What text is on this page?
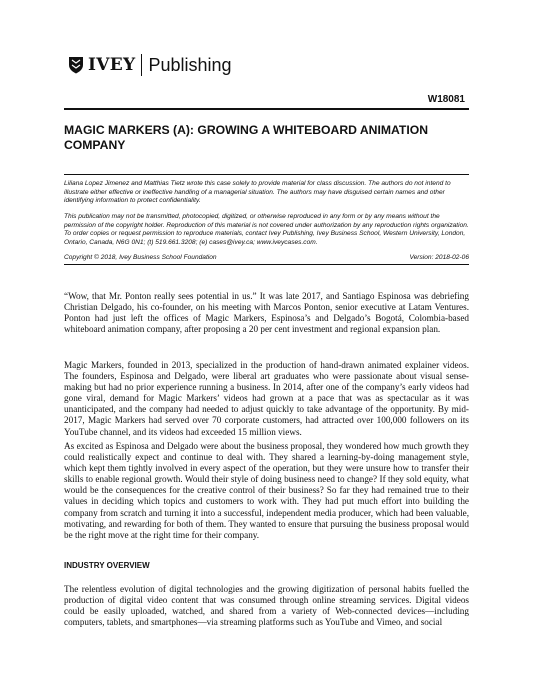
IVEY Publishing
W18081
MAGIC MARKERS (A): GROWING A WHITEBOARD ANIMATION COMPANY
Liliana Lopez Jimenez and Matthias Tietz wrote this case solely to provide material for class discussion. The authors do not intend to illustrate either effective or ineffective handling of a managerial situation. The authors may have disguised certain names and other identifying information to protect confidentiality.
This publication may not be transmitted, photocopied, digitized, or otherwise reproduced in any form or by any means without the permission of the copyright holder. Reproduction of this material is not covered under authorization by any reproduction rights organization. To order copies or request permission to reproduce materials, contact Ivey Publishing, Ivey Business School, Western University, London, Ontario, Canada, N6G 0N1; (t) 519.661.3208; (e) cases@ivey.ca; www.iveycases.com.
Copyright © 2018, Ivey Business School Foundation	Version: 2018-02-06
“Wow, that Mr. Ponton really sees potential in us.” It was late 2017, and Santiago Espinosa was debriefing Christian Delgado, his co-founder, on his meeting with Marcos Ponton, senior executive at Latam Ventures. Ponton had just left the offices of Magic Markers, Espinosa’s and Delgado’s Bogotá, Colombia-based whiteboard animation company, after proposing a 20 per cent investment and regional expansion plan.
Magic Markers, founded in 2013, specialized in the production of hand-drawn animated explainer videos. The founders, Espinosa and Delgado, were liberal art graduates who were passionate about visual sense-making but had no prior experience running a business. In 2014, after one of the company’s early videos had gone viral, demand for Magic Markers’ videos had grown at a pace that was as spectacular as it was unanticipated, and the company had needed to adjust quickly to take advantage of the opportunity. By mid-2017, Magic Markers had served over 70 corporate customers, had attracted over 100,000 followers on its YouTube channel, and its videos had exceeded 15 million views.
As excited as Espinosa and Delgado were about the business proposal, they wondered how much growth they could realistically expect and continue to deal with. They shared a learning-by-doing management style, which kept them tightly involved in every aspect of the operation, but they were unsure how to transfer their skills to enable regional growth. Would their style of doing business need to change? If they sold equity, what would be the consequences for the creative control of their business? So far they had remained true to their values in deciding which topics and customers to work with. They had put much effort into building the company from scratch and turning it into a successful, independent media producer, which had been valuable, motivating, and rewarding for both of them. They wanted to ensure that pursuing the business proposal would be the right move at the right time for their company.
INDUSTRY OVERVIEW
The relentless evolution of digital technologies and the growing digitization of personal habits fuelled the production of digital video content that was consumed through online streaming services. Digital videos could be easily uploaded, watched, and shared from a variety of Web-connected devices—including computers, tablets, and smartphones—via streaming platforms such as YouTube and Vimeo, and social
